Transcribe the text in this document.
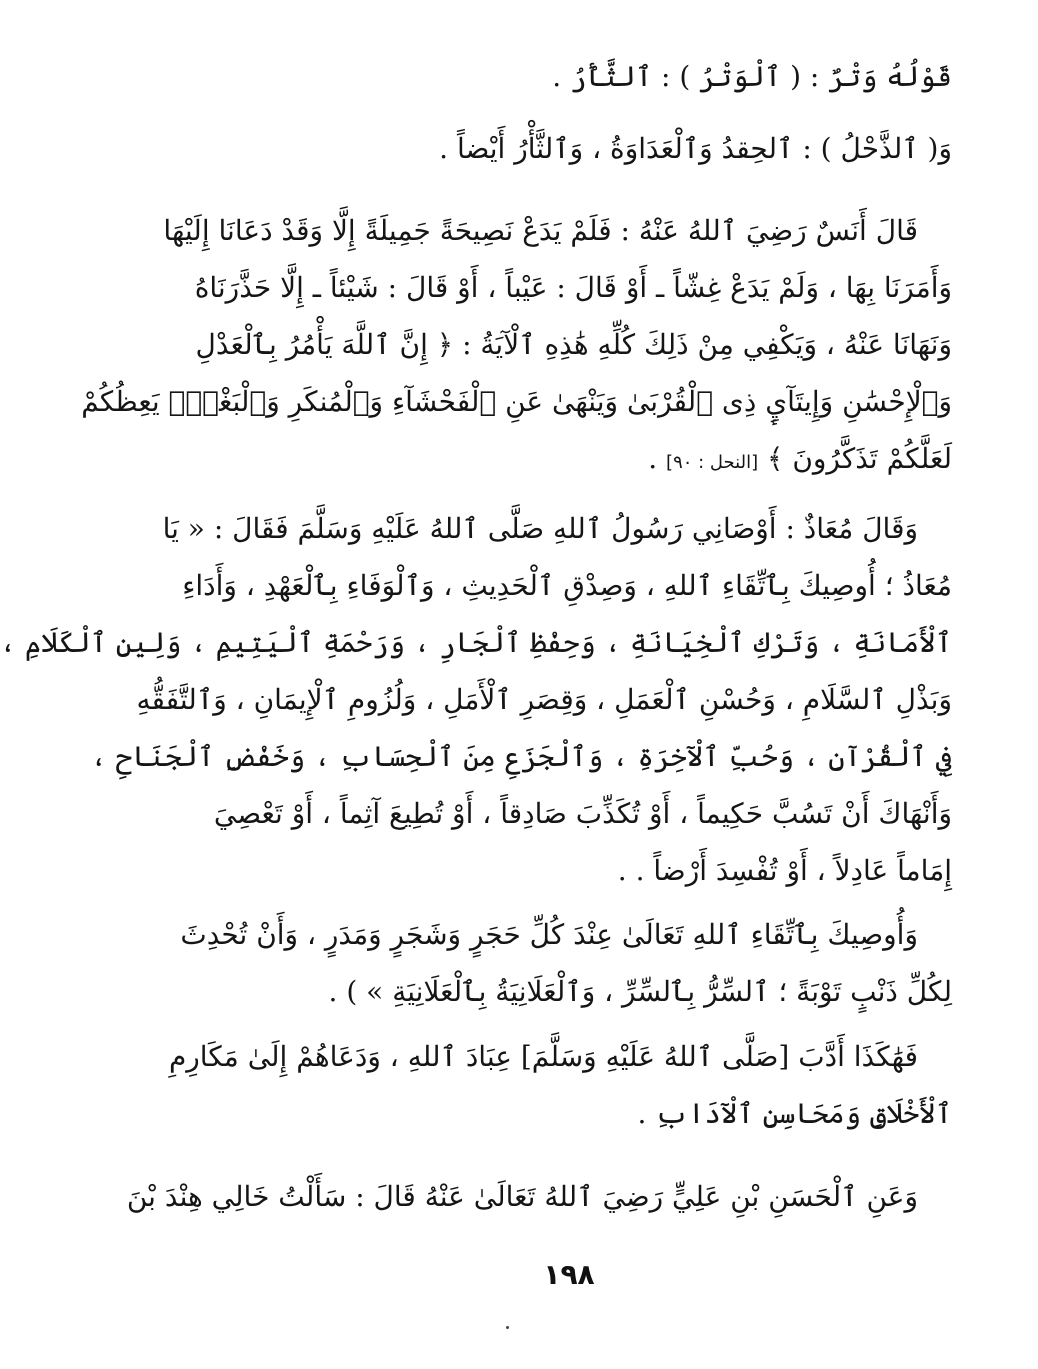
قَوْلُهُ وَتْرٌ : ( ٱلْوَتْرُ ) : ٱلثَّأْرُ .
وَ( ٱلذَّحْلُ ) : ٱلحِقدُ وَٱلْعَدَاوَةُ ، وَٱلثَّأْرُ أَيْضاً .
قَالَ أَنَسٌ رَضِيَ ٱللهُ عَنْهُ : فَلَمْ يَدَعْ نَصِيحَةً جَمِيلَةً إِلَّا وَقَدْ دَعَانَا إِلَيْهَا
وَأَمَرَنَا بِهَا ، وَلَمْ يَدَعْ غِشّاً ـ أَوْ قَالَ : عَيْباً ، أَوْ قَالَ : شَيْئاً ـ إِلَّا حَذَّرَنَاهُ
وَنَهَانَا عَنْهُ ، وَيَكْفِي مِنْ ذَلِكَ كُلِّهِ هَٰذِهِ ٱلْآيَةُ : ﴿ إِنَّ ٱللَّهَ يَأْمُرُ بِٱلْعَدْلِ
وَٱلْإِحْسَٰنِ وَإِيتَآيِٕ ذِى ٱلْقُرْبَىٰ وَيَنْهَىٰ عَنِ ٱلْفَحْشَآءِ وَٱلْمُنكَرِ وَٱلْبَغْيِۚ يَعِظُكُمْ
لَعَلَّكُمْ تَذَكَّرُونَ ﴾ [النحل : ٩٠] .
وَقَالَ مُعَاذٌ : أَوْصَانِي رَسُولُ ٱللهِ صَلَّى ٱللهُ عَلَيْهِ وَسَلَّمَ فَقَالَ : « يَا
مُعَاذُ ؛ أُوصِيكَ بِٱتِّقَاءِ ٱللهِ ، وَصِدْقِ ٱلْحَدِيثِ ، وَٱلْوَفَاءِ بِٱلْعَهْدِ ، وَأَدَاءِ
ٱلْأَمَانَةِ ، وَتَرْكِ ٱلْخِيَانَةِ ، وَحِفْظِ ٱلْجَارِ ، وَرَحْمَةِ ٱلْيَتِيمِ ، وَلِينِ ٱلْكَلَامِ ،
وَبَذْلِ ٱلسَّلَامِ ، وَحُسْنِ ٱلْعَمَلِ ، وَقِصَرِ ٱلْأَمَلِ ، وَلُزُومِ ٱلْإِيمَانِ ، وَٱلتَّفَقُّهِ
فِي ٱلْقُرْآنِ ، وَحُبِّ ٱلْآخِرَةِ ، وَٱلْجَزَعِ مِنَ ٱلْحِسَابِ ، وَخَفْضِ ٱلْجَنَاحِ ،
وَأَنْهَاكَ أَنْ تَسُبَّ حَكِيماً ، أَوْ تُكَذِّبَ صَادِقاً ، أَوْ تُطِيعَ آثِماً ، أَوْ تَعْصِيَ
إِمَاماً عَادِلاً ، أَوْ تُفْسِدَ أَرْضاً . .
وَأُوصِيكَ بِٱتِّقَاءِ ٱللهِ تَعَالَىٰ عِنْدَ كُلِّ حَجَرٍ وَشَجَرٍ وَمَدَرٍ ، وَأَنْ تُحْدِثَ
لِكُلِّ ذَنْبٍ تَوْبَةً ؛ ٱلسِّرُّ بِٱلسِّرِّ ، وَٱلْعَلَانِيَةُ بِٱلْعَلَانِيَةِ » ) .
فَهَٰكَذَا أَدَّبَ [صَلَّى ٱللهُ عَلَيْهِ وَسَلَّمَ] عِبَادَ ٱللهِ ، وَدَعَاهُمْ إِلَىٰ مَكَارِمِ
ٱلْأَخْلَاقِ وَمَحَاسِنِ ٱلْآدَابِ .
وَعَنِ ٱلْحَسَنِ بْنِ عَلِيٍّ رَضِيَ ٱللهُ تَعَالَىٰ عَنْهُ قَالَ : سَأَلْتُ خَالِي هِنْدَ بْنَ
١٩٨
